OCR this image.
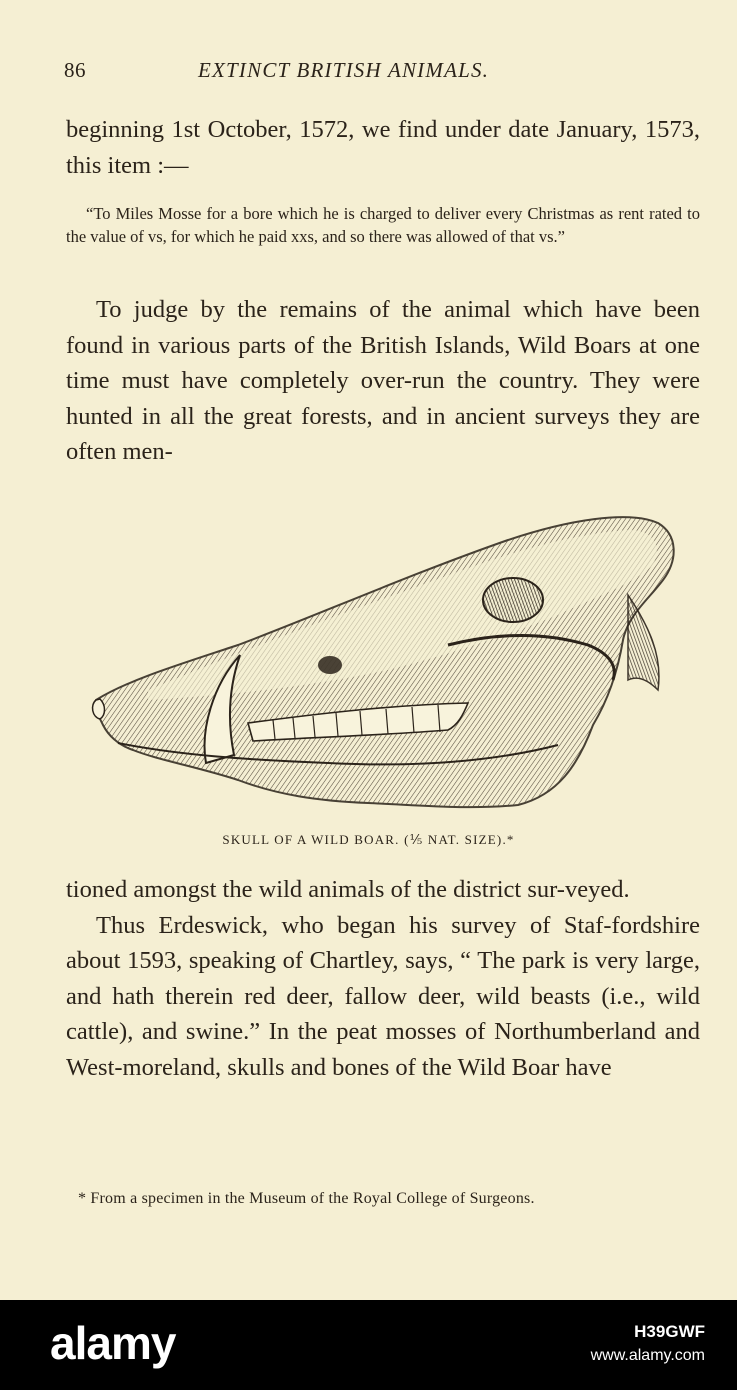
86	EXTINCT BRITISH ANIMALS.

beginning 1st October, 1572, we find under date January, 1573, this item :—

“To Miles Mosse for a bore which he is charged to deliver every Christmas as rent rated to the value of vs, for which he paid xxs, and so there was allowed of that vs.”

To judge by the remains of the animal which have been found in various parts of the British Islands, Wild Boars at one time must have completely over-run the country. They were hunted in all the great forests, and in ancient surveys they are often men-

SKULL OF A WILD BOAR. (⅕ NAT. SIZE).*

tioned amongst the wild animals of the district sur-veyed.

Thus Erdeswick, who began his survey of Staf-fordshire about 1593, speaking of Chartley, says, “ The park is very large, and hath therein red deer, fallow deer, wild beasts (i.e., wild cattle), and swine.” In the peat mosses of Northumberland and West-moreland, skulls and bones of the Wild Boar have

* From a specimen in the Museum of the Royal College of Surgeons.
alamy	H39GWF
www.alamy.com
